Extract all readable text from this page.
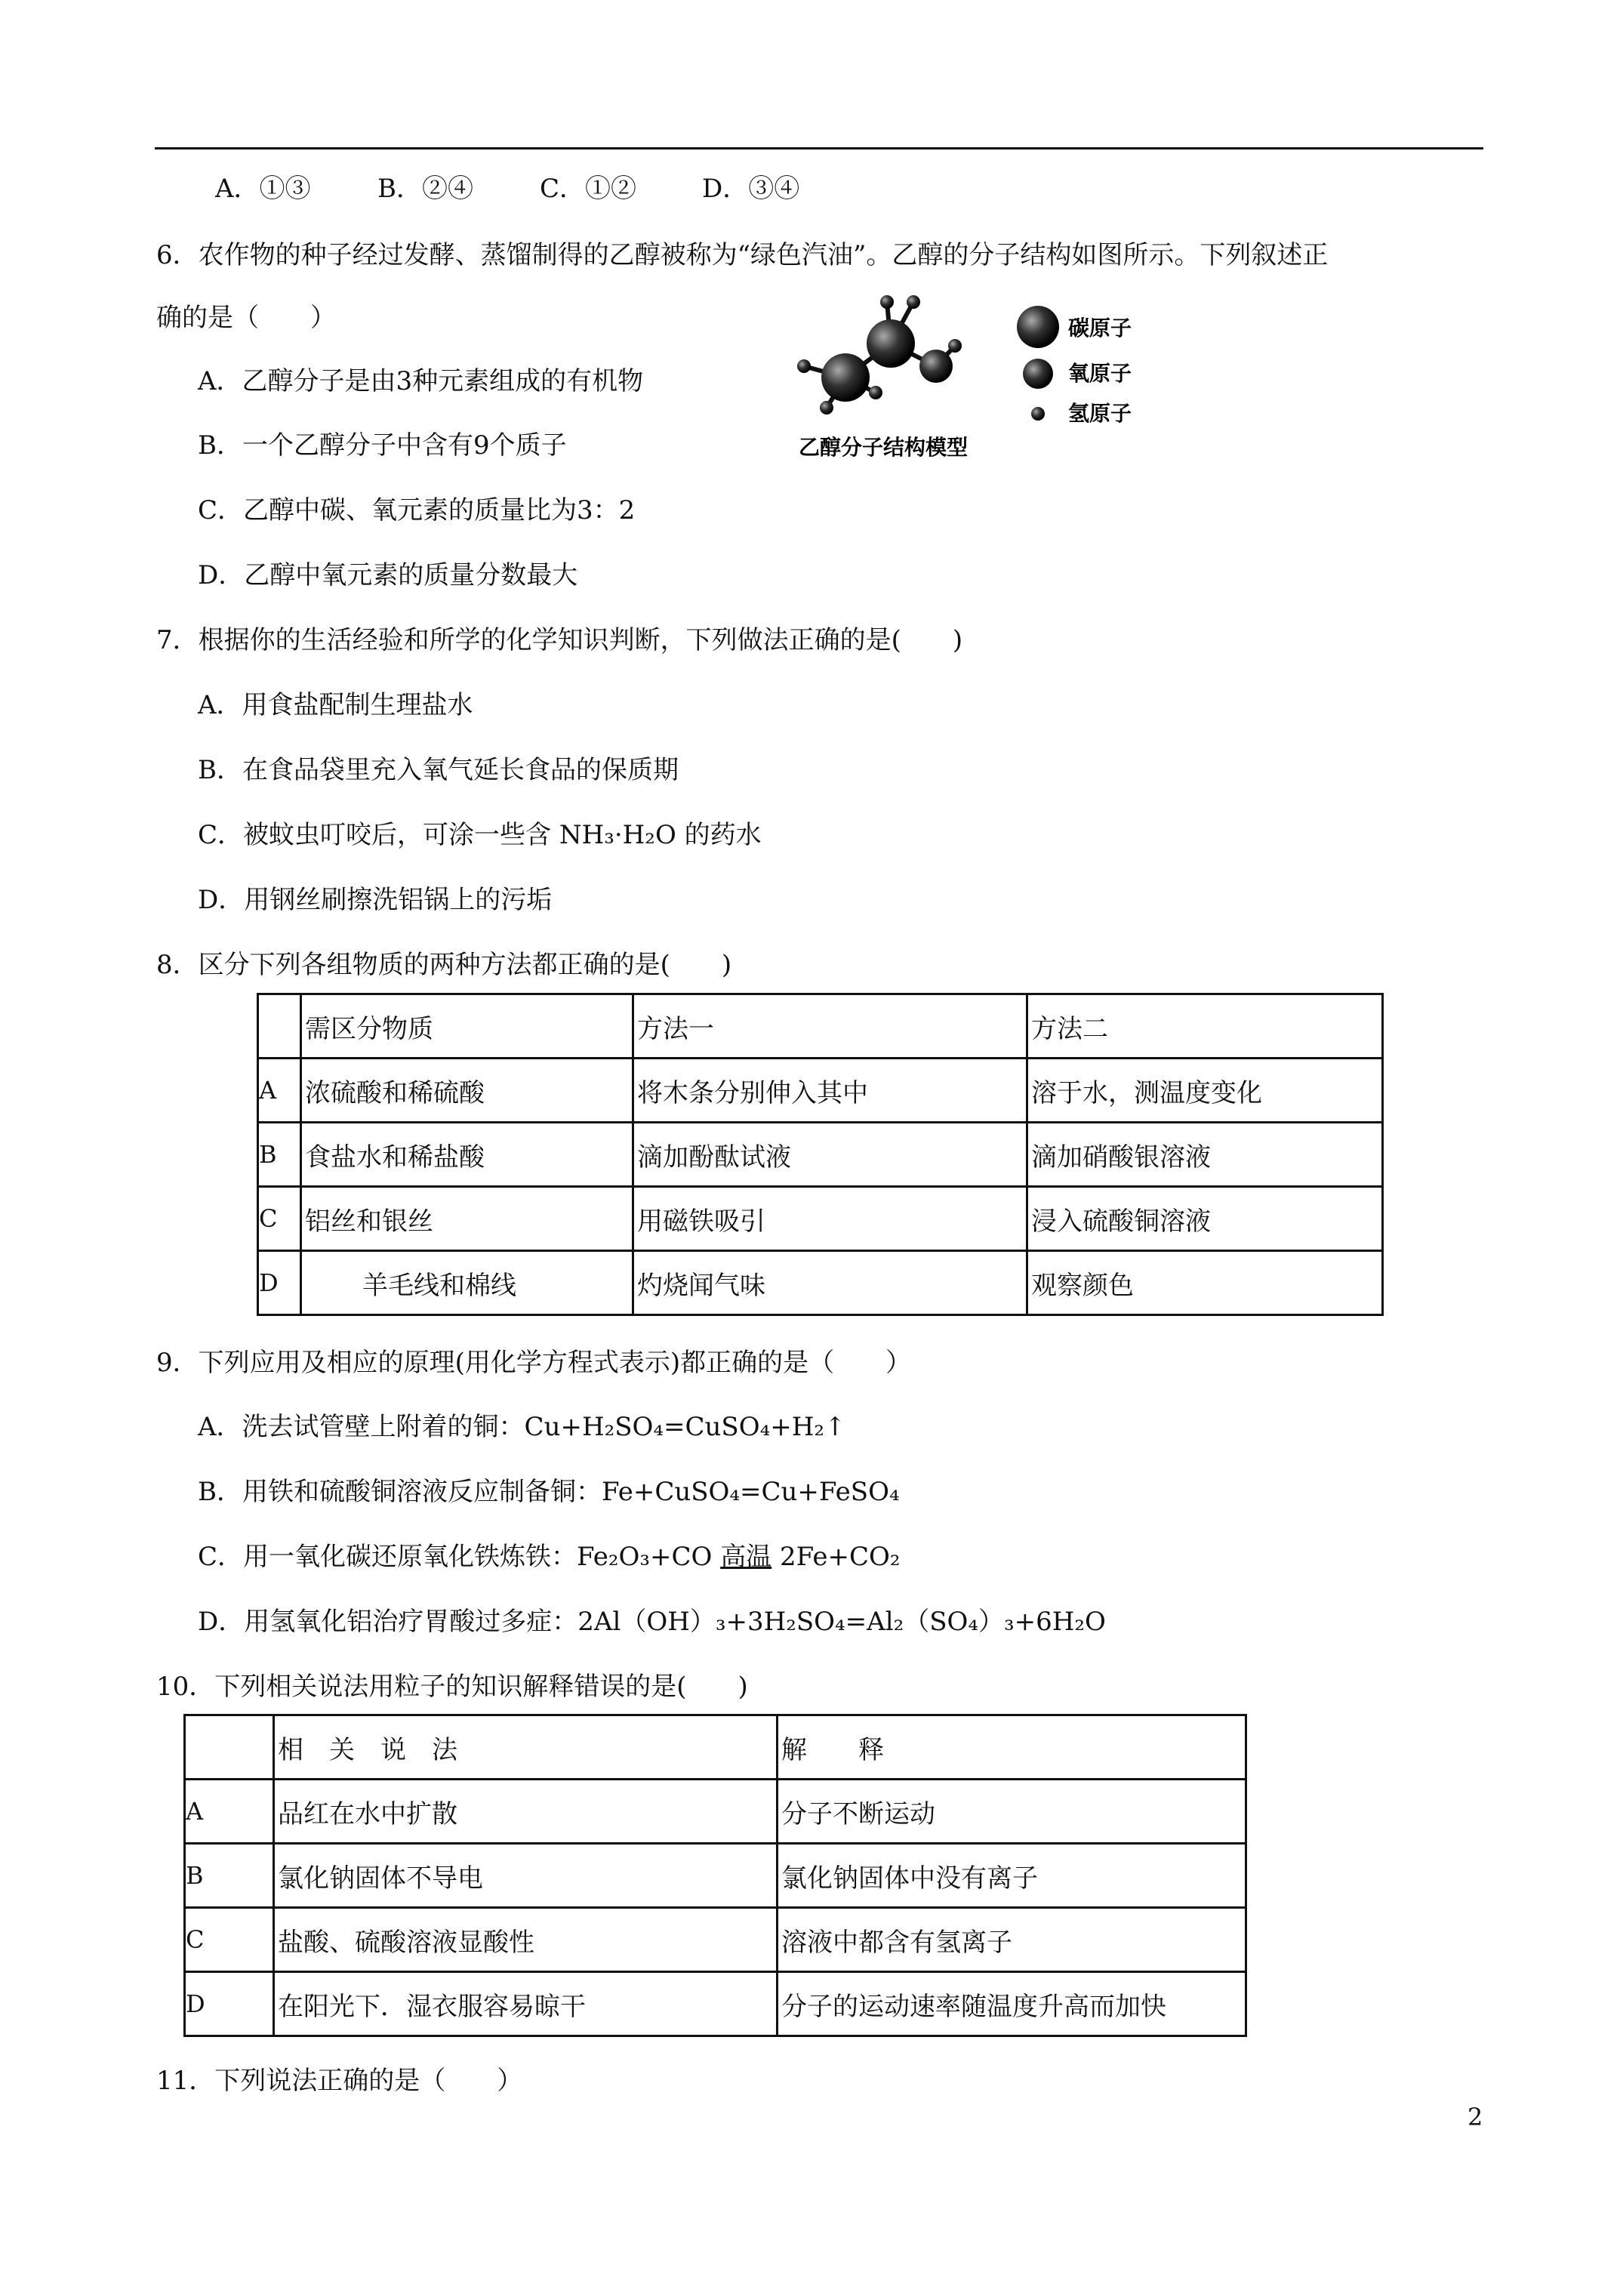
A．①③	B．②④	C．①②	D．③④
6．农作物的种子经过发酵、蒸馏制得的乙醇被称为“绿色汽油”。乙醇的分子结构如图所示。下列叙述正
确的是（　　）
A．乙醇分子是由3种元素组成的有机物
B．一个乙醇分子中含有9个质子
C．乙醇中碳、氧元素的质量比为3：2
D．乙醇中氧元素的质量分数最大
碳原子
氧原子
氢原子
乙醇分子结构模型
7．根据你的生活经验和所学的化学知识判断，下列做法正确的是(　　)
A．用食盐配制生理盐水
B．在食品袋里充入氧气延长食品的保质期
C．被蚊虫叮咬后，可涂一些含 NH₃·H₂O 的药水
D．用钢丝刷擦洗铝锅上的污垢
8．区分下列各组物质的两种方法都正确的是(　　)
	需区分物质	方法一	方法二
A	浓硫酸和稀硫酸	将木条分别伸入其中	溶于水，测温度变化
B	食盐水和稀盐酸	滴加酚酞试液	滴加硝酸银溶液
C	铝丝和银丝	用磁铁吸引	浸入硫酸铜溶液
D	羊毛线和棉线	灼烧闻气味	观察颜色
9．下列应用及相应的原理(用化学方程式表示)都正确的是（　　）
A．洗去试管壁上附着的铜：Cu+H₂SO₄=CuSO₄+H₂↑
B．用铁和硫酸铜溶液反应制备铜：Fe+CuSO₄=Cu+FeSO₄
C．用一氧化碳还原氧化铁炼铁：Fe₂O₃+CO 高温 2Fe+CO₂
D．用氢氧化铝治疗胃酸过多症：2Al（OH）₃+3H₂SO₄=Al₂（SO₄）₃+6H₂O
10．下列相关说法用粒子的知识解释错误的是(　　)
	相　关　说　法	解　　释
A	品红在水中扩散	分子不断运动
B	氯化钠固体不导电	氯化钠固体中没有离子
C	盐酸、硫酸溶液显酸性	溶液中都含有氢离子
D	在阳光下．湿衣服容易晾干	分子的运动速率随温度升高而加快
11．下列说法正确的是（　　）
2
